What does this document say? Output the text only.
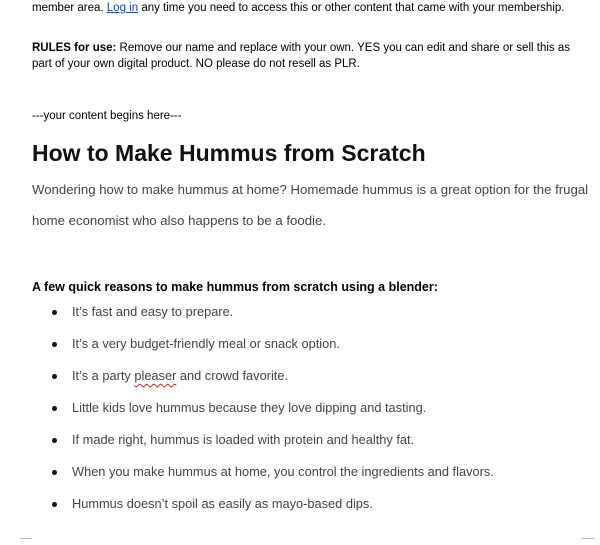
member area. Log in any time you need to access this or other content that came with your membership.
RULES for use: Remove our name and replace with your own. YES you can edit and share or sell this as part of your own digital product. NO please do not resell as PLR.
---your content begins here---
How to Make Hummus from Scratch
Wondering how to make hummus at home? Homemade hummus is a great option for the frugal home economist who also happens to be a foodie.
A few quick reasons to make hummus from scratch using a blender:
It’s fast and easy to prepare.
It’s a very budget-friendly meal or snack option.
It’s a party pleaser and crowd favorite.
Little kids love hummus because they love dipping and tasting.
If made right, hummus is loaded with protein and healthy fat.
When you make hummus at home, you control the ingredients and flavors.
Hummus doesn’t spoil as easily as mayo-based dips.
